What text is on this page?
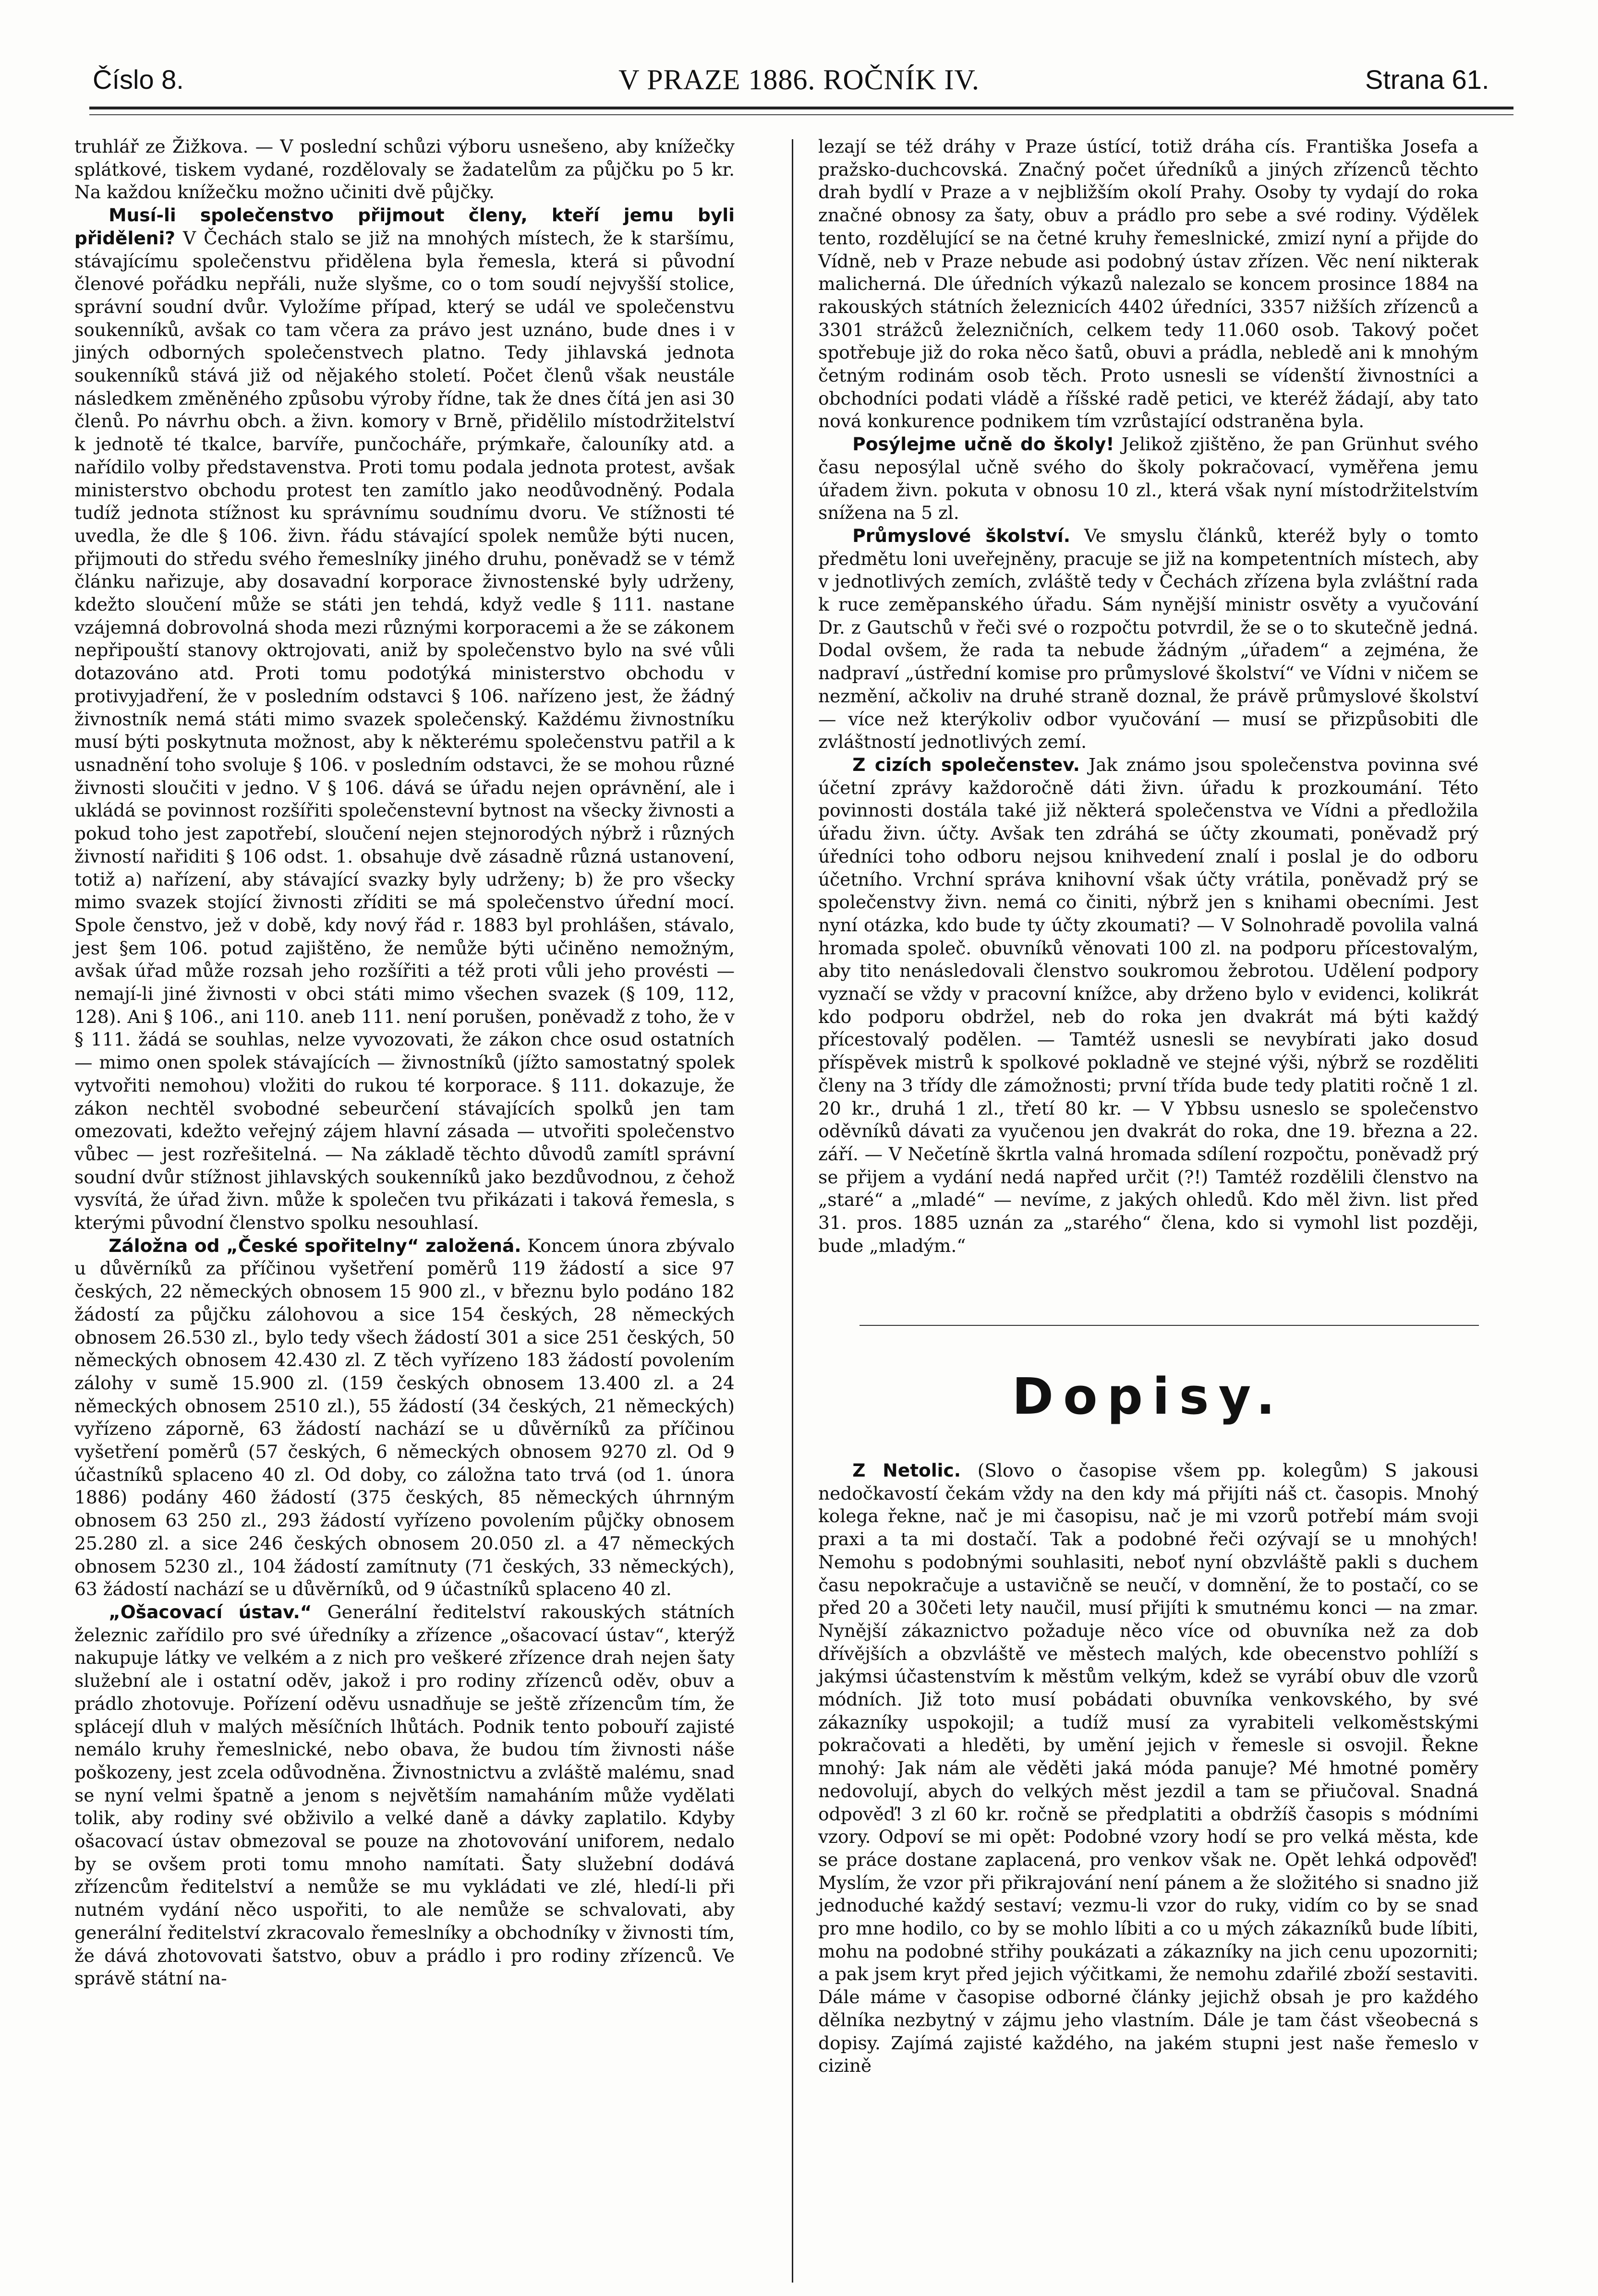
Číslo 8.	V PRAZE 1886. ROČNÍK IV.	Strana 61.

truhlář ze Žižkova. — V poslední schůzi výboru usnešeno, aby knížečky splátkové, tiskem vydané, rozdělovaly se žadatelům za půjčku po 5 kr. Na každou knížečku možno učiniti dvě půjčky.

Musí-li společenstvo přijmout členy, kteří jemu byli přiděleni? V Čechách stalo se již na mnohých místech, že k staršímu, stávajícímu společenstvu přidělena byla řemesla, která si původní členové pořádku nepřáli, nuže slyšme, co o tom soudí nejvyšší stolice, správní soudní dvůr. Vyložíme případ, který se udál ve společenstvu soukenníků, avšak co tam včera za právo jest uznáno, bude dnes i v jiných odborných společenstvech platno. Tedy jihlavská jednota soukenníků stává již od nějakého století. Počet členů však neustále následkem změněného způsobu výroby řídne, tak že dnes čítá jen asi 30 členů. Po návrhu obch. a živn. komory v Brně, přidělilo místodržitelství k jednotě té tkalce, barvíře, punčocháře, prýmkaře, čalouníky atd. a nařídilo volby představenstva. Proti tomu podala jednota protest, avšak ministerstvo obchodu protest ten zamítlo jako neodůvodněný. Podala tudíž jednota stížnost ku správnímu soudnímu dvoru. Ve stížnosti té uvedla, že dle § 106. živn. řádu stávající spolek nemůže býti nucen, přijmouti do středu svého řemeslníky jiného druhu, poněvadž se v témž článku nařizuje, aby dosavadní korporace živnostenské byly udrženy, kdežto sloučení může se státi jen tehdá, když vedle § 111. nastane vzájemná dobrovolná shoda mezi různými korporacemi a že se zákonem nepřipouští stanovy oktrojovati, aniž by společenstvo bylo na své vůli dotazováno atd. Proti tomu podotýká ministerstvo obchodu v protivyjadření, že v posledním odstavci § 106. nařízeno jest, že žádný živnostník nemá státi mimo svazek společenský. Každému živnostníku musí býti poskytnuta možnost, aby k některému společenstvu patřil a k usnadnění toho svoluje § 106. v posledním odstavci, že se mohou různé živnosti sloučiti v jedno. V § 106. dává se úřadu nejen oprávnění, ale i ukládá se povinnost rozšířiti společenstevní bytnost na všecky živnosti a pokud toho jest zapotřebí, sloučení nejen stejnorodých nýbrž i různých živností nařiditi § 106 odst. 1. obsahuje dvě zásadně různá ustanovení, totiž a) nařízení, aby stávající svazky byly udrženy; b) že pro všecky mimo svazek stojící živnosti zříditi se má společenstvo úřední mocí. Spole čenstvo, jež v době, kdy nový řád r. 1883 byl prohlášen, stávalo, jest §em 106. potud zajištěno, že nemůže býti učiněno nemožným, avšak úřad může rozsah jeho rozšířiti a též proti vůli jeho provésti — nemají-li jiné živnosti v obci státi mimo všechen svazek (§ 109, 112, 128). Ani § 106., ani 110. aneb 111. není porušen, poněvadž z toho, že v § 111. žádá se souhlas, nelze vyvozovati, že zákon chce osud ostatních — mimo onen spolek stávajících — živnostníků (jížto samostatný spolek vytvořiti nemohou) vložiti do rukou té korporace. § 111. dokazuje, že zákon nechtěl svobodné sebeurčení stávajících spolků jen tam omezovati, kdežto veřejný zájem hlavní zásada — utvořiti společenstvo vůbec — jest rozřešitelná. — Na základě těchto důvodů zamítl správní soudní dvůr stížnost jihlavských soukenníků jako bezdůvodnou, z čehož vysvítá, že úřad živn. může k společen tvu přikázati i taková řemesla, s kterými původní členstvo spolku nesouhlasí.

Záložna od „České spořitelny“ založená. Koncem února zbývalo u důvěrníků za příčinou vyšetření poměrů 119 žádostí a sice 97 českých, 22 německých obnosem 15 900 zl., v březnu bylo podáno 182 žádostí za půjčku zálohovou a sice 154 českých, 28 německých obnosem 26.530 zl., bylo tedy všech žádostí 301 a sice 251 českých, 50 německých obnosem 42.430 zl. Z těch vyřízeno 183 žádostí povolením zálohy v sumě 15.900 zl. (159 českých obnosem 13.400 zl. a 24 německých obnosem 2510 zl.), 55 žádostí (34 českých, 21 německých) vyřízeno záporně, 63 žádostí nachází se u důvěrníků za příčinou vyšetření poměrů (57 českých, 6 německých obnosem 9270 zl. Od 9 účastníků splaceno 40 zl. Od doby, co záložna tato trvá (od 1. února 1886) podány 460 žádostí (375 českých, 85 německých úhrnným obnosem 63 250 zl., 293 žádostí vyřízeno povolením půjčky obnosem 25.280 zl. a sice 246 českých obnosem 20.050 zl. a 47 německých obnosem 5230 zl., 104 žádostí zamítnuty (71 českých, 33 německých), 63 žádostí nachází se u důvěrníků, od 9 účastníků splaceno 40 zl.

„Ošacovací ústav.“ Generální ředitelství rakouských státních železnic zařídilo pro své úředníky a zřízence „ošacovací ústav“, kterýž nakupuje látky ve velkém a z nich pro veškeré zřízence drah nejen šaty služební ale i ostatní oděv, jakož i pro rodiny zřízenců oděv, obuv a prádlo zhotovuje. Pořízení oděvu usnadňuje se ještě zřízencům tím, že splácejí dluh v malých měsíčních lhůtách. Podnik tento pobouří zajisté nemálo kruhy řemeslnické, nebo obava, že budou tím živnosti náše poškozeny, jest zcela odůvodněna. Živnostnictvu a zvláště malému, snad se nyní velmi špatně a jenom s největším namaháním může vydělati tolik, aby rodiny své obživilo a velké daně a dávky zaplatilo. Kdyby ošacovací ústav obmezoval se pouze na zhotovování uniforem, nedalo by se ovšem proti tomu mnoho namítati. Šaty služební dodává zřízencům ředitelství a nemůže se mu vykládati ve zlé, hledí-li při nutném vydání něco uspořiti, to ale nemůže se schvalovati, aby generální ředitelství zkracovalo řemeslníky a obchodníky v živnosti tím, že dává zhotovovati šatstvo, obuv a prádlo i pro rodiny zřízenců. Ve správě státní na-

lezají se též dráhy v Praze ústící, totiž dráha cís. Františka Josefa a pražsko-duchcovská. Značný počet úředníků a jiných zřízenců těchto drah bydlí v Praze a v nejbližším okolí Prahy. Osoby ty vydají do roka značné obnosy za šaty, obuv a prádlo pro sebe a své rodiny. Výdělek tento, rozdělující se na četné kruhy řemeslnické, zmizí nyní a přijde do Vídně, neb v Praze nebude asi podobný ústav zřízen. Věc není nikterak malicherná. Dle úředních výkazů nalezalo se koncem prosince 1884 na rakouských státních železnicích 4402 úředníci, 3357 nižších zřízenců a 3301 strážců železničních, celkem tedy 11.060 osob. Takový počet spotřebuje již do roka něco šatů, obuvi a prádla, nebledě ani k mnohým četným rodinám osob těch. Proto usnesli se vídenští živnostníci a obchodníci podati vládě a říšské radě petici, ve kteréž žádají, aby tato nová konkurence podnikem tím vzrůstající odstraněna byla.

Posýlejme učně do školy! Jelikož zjištěno, že pan Grünhut svého času neposýlal učně svého do školy pokračovací, vyměřena jemu úřadem živn. pokuta v obnosu 10 zl., která však nyní místodržitelstvím snížena na 5 zl.

Průmyslové školství. Ve smyslu článků, kteréž byly o tomto předmětu loni uveřejněny, pracuje se již na kompetentních místech, aby v jednotlivých zemích, zvláště tedy v Čechách zřízena byla zvláštní rada k ruce zeměpanského úřadu. Sám nynější ministr osvěty a vyučování Dr. z Gautschů v řeči své o rozpočtu potvrdil, že se o to skutečně jedná. Dodal ovšem, že rada ta nebude žádným „úřadem“ a zejména, že nadpraví „ústřední komise pro průmyslové školství“ ve Vídni v ničem se nezmění, ačkoliv na druhé straně doznal, že právě průmyslové školství — více než kterýkoliv odbor vyučování — musí se přizpůsobiti dle zvláštností jednotlivých zemí.

Z cizích společenstev. Jak známo jsou společenstva povinna své účetní zprávy každoročně dáti živn. úřadu k prozkoumání. Této povinnosti dostála také již některá společenstva ve Vídni a předložila úřadu živn. účty. Avšak ten zdráhá se účty zkoumati, poněvadž prý úředníci toho odboru nejsou knihvedení znalí i poslal je do odboru účetního. Vrchní správa knihovní však účty vrátila, poněvadž prý se společenstvy živn. nemá co činiti, nýbrž jen s knihami obecními. Jest nyní otázka, kdo bude ty účty zkoumati? — V Solnohradě povolila valná hromada společ. obuvníků věnovati 100 zl. na podporu přícestovalým, aby tito nenásledovali členstvo soukromou žebrotou. Udělení podpory vyznačí se vždy v pracovní knížce, aby drženo bylo v evidenci, kolikrát kdo podporu obdržel, neb do roka jen dvakrát má býti každý přícestovalý podělen. — Tamtéž usnesli se nevybírati jako dosud příspěvek mistrů k spolkové pokladně ve stejné výši, nýbrž se rozděliti členy na 3 třídy dle zámožnosti; první třída bude tedy platiti ročně 1 zl. 20 kr., druhá 1 zl., třetí 80 kr. — V Ybbsu usneslo se společenstvo oděvníků dávati za vyučenou jen dvakrát do roka, dne 19. března a 22. září. — V Nečetíně škrtla valná hromada sdílení rozpočtu, poněvadž prý se přijem a vydání nedá napřed určit (?!) Tamtéž rozdělili členstvo na „staré“ a „mladé“ — nevíme, z jakých ohledů. Kdo měl živn. list před 31. pros. 1885 uznán za „starého“ člena, kdo si vymohl list později, bude „mladým.“

Dopisy.

Z Netolic. (Slovo o časopise všem pp. kolegům) S jakousi nedočkavostí čekám vždy na den kdy má přijíti náš ct. časopis. Mnohý kolega řekne, nač je mi časopisu, nač je mi vzorů potřebí mám svoji praxi a ta mi dostačí. Tak a podobné řeči ozývají se u mnohých! Nemohu s podobnými souhlasiti, neboť nyní obzvláště pakli s duchem času nepokračuje a ustavičně se neučí, v domnění, že to postačí, co se před 20 a 30četi lety naučil, musí přijíti k smutnému konci — na zmar. Nynější zákaznictvo požaduje něco více od obuvníka než za dob dřívějších a obzvláště ve městech malých, kde obecenstvo pohlíží s jakýmsi účastenstvím k městům velkým, kdež se vyrábí obuv dle vzorů módních. Již toto musí pobádati obuvníka venkovského, by své zákazníky uspokojil; a tudíž musí za vyrabiteli velkoměstskými pokračovati a hleděti, by umění jejich v řemesle si osvojil. Řekne mnohý: Jak nám ale věděti jaká móda panuje? Mé hmotné poměry nedovolují, abych do velkých měst jezdil a tam se přiučoval. Snadná odpověď! 3 zl 60 kr. ročně se předplatiti a obdržíš časopis s módními vzory. Odpoví se mi opět: Podobné vzory hodí se pro velká města, kde se práce dostane zaplacená, pro venkov však ne. Opět lehká odpověď! Myslím, že vzor při přikrajování není pánem a že složitého si snadno již jednoduché každý sestaví; vezmu-li vzor do ruky, vidím co by se snad pro mne hodilo, co by se mohlo líbiti a co u mých zákazníků bude líbiti, mohu na podobné střihy poukázati a zákazníky na jich cenu upozorniti; a pak jsem kryt před jejich výčitkami, že nemohu zdařilé zboží sestaviti. Dále máme v časopise odborné články jejichž obsah je pro každého dělníka nezbytný v zájmu jeho vlastním. Dále je tam část všeobecná s dopisy. Zajímá zajisté každého, na jakém stupni jest naše řemeslo v cizině
